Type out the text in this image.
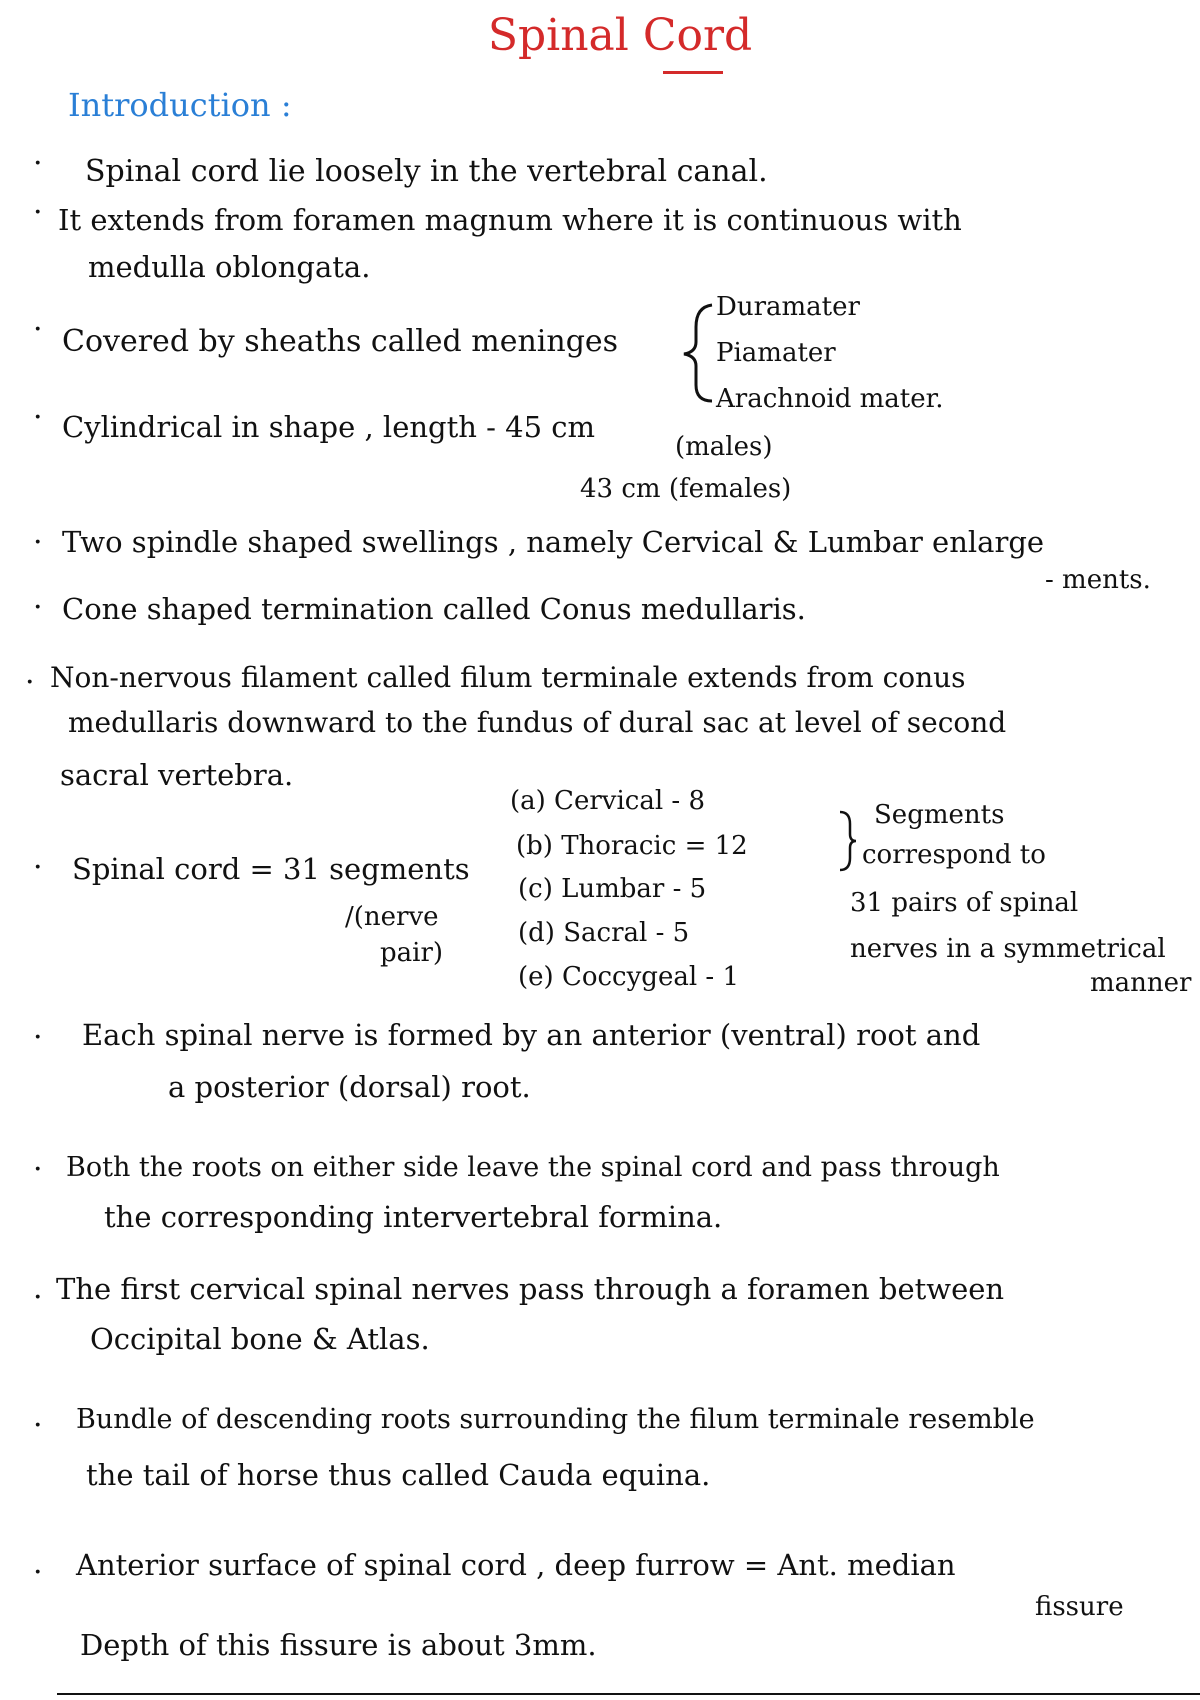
Spinal Cord
Introduction :
· Spinal cord lie loosely in the vertebral canal.
· It extends from foramen magnum where it is continuous with
medulla oblongata.
· Covered by sheaths called meninges
Duramater
Piamater
Arachnoid mater.
· Cylindrical in shape , length - 45 cm
(males)
43 cm (females)
· Two spindle shaped swellings , namely Cervical & Lumbar enlarge
- ments.
· Cone shaped termination called Conus medullaris.
· Non-nervous filament called filum terminale extends from conus
medullaris downward to the fundus of dural sac at level of second
sacral vertebra.
· Spinal cord = 31 segments
/(nerve
pair)
(a) Cervical - 8
(b) Thoracic = 12
(c) Lumbar - 5
(d) Sacral - 5
(e) Coccygeal - 1
Segments
correspond to
31 pairs of spinal
nerves in a symmetrical
manner
· Each spinal nerve is formed by an anterior (ventral) root and
a posterior (dorsal) root.
· Both the roots on either side leave the spinal cord and pass through
the corresponding intervertebral formina.
· The first cervical spinal nerves pass through a foramen between
Occipital bone & Atlas.
· Bundle of descending roots surrounding the filum terminale resemble
the tail of horse thus called Cauda equina.
· Anterior surface of spinal cord , deep furrow = Ant. median
fissure
Depth of this fissure is about 3mm.
